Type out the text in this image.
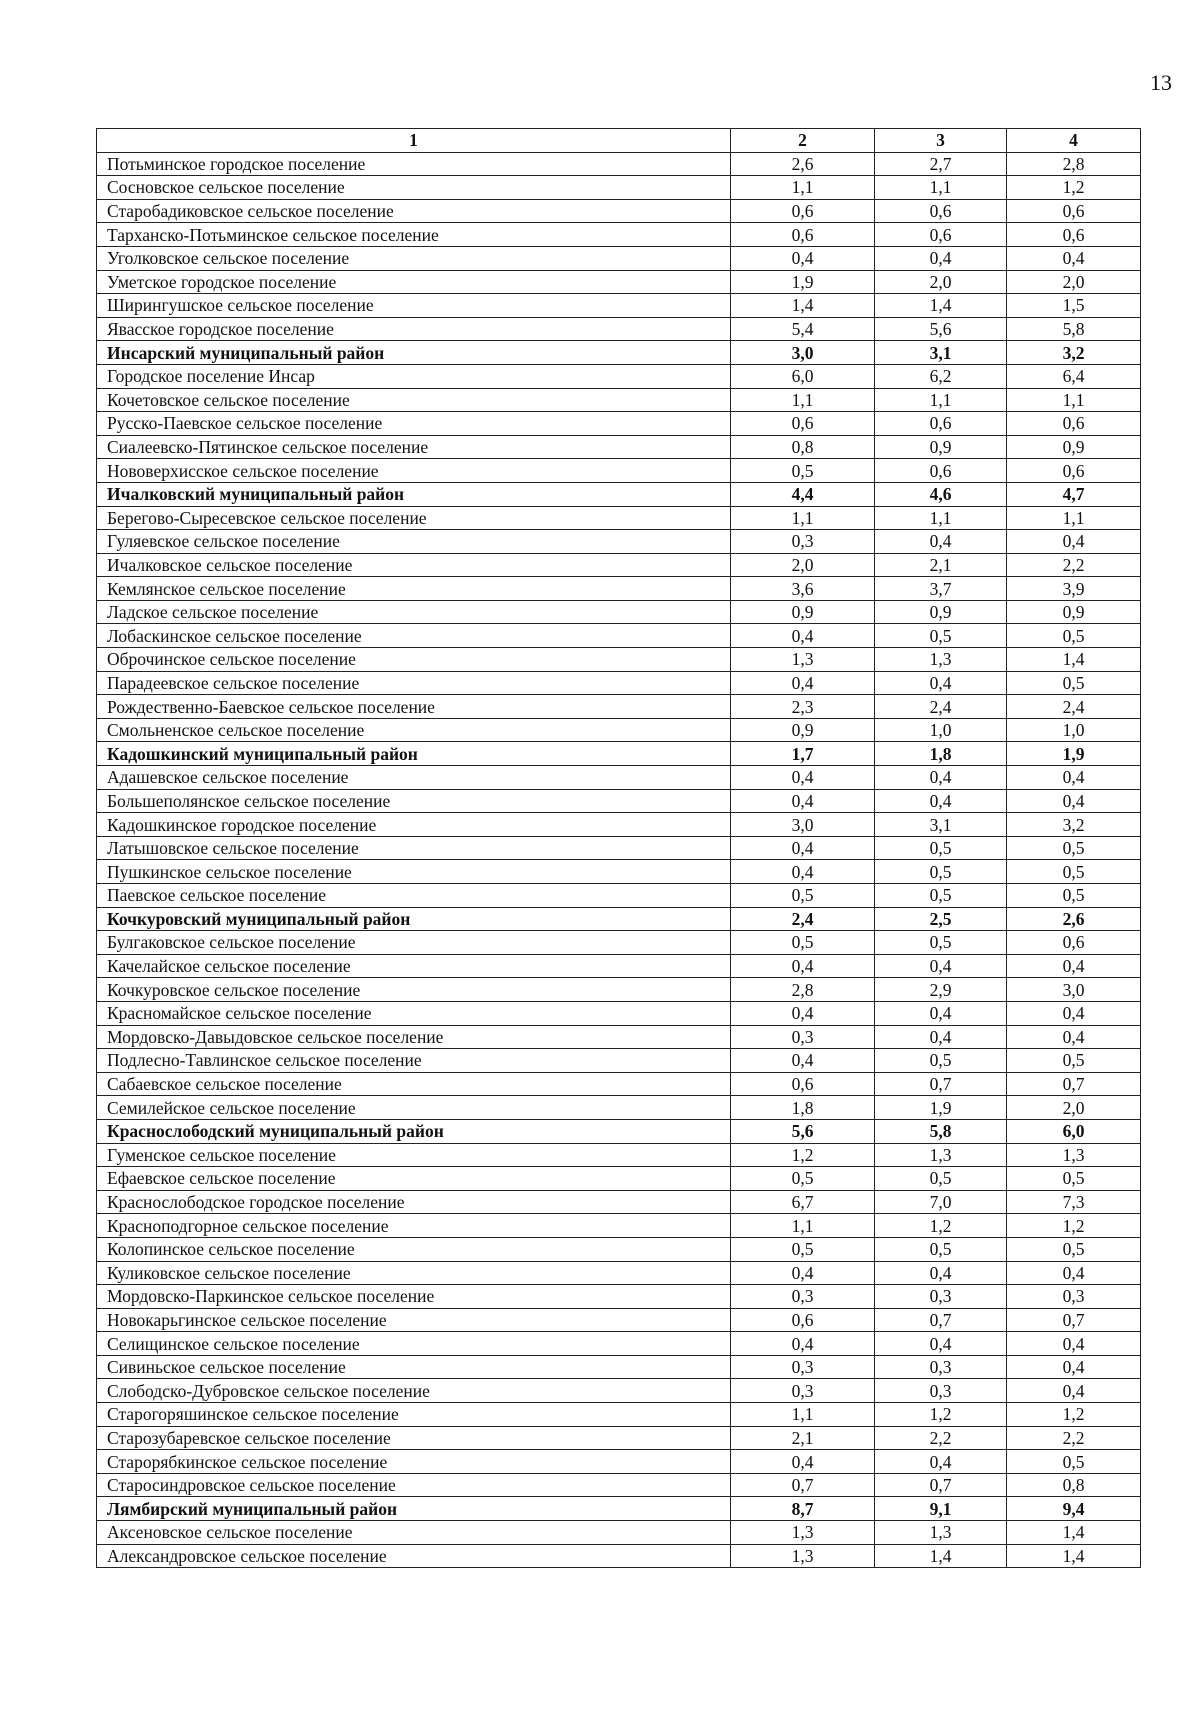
13
1	2	3	4
Потьминское городское поселение	2,6	2,7	2,8
Сосновское сельское поселение	1,1	1,1	1,2
Старобадиковское сельское поселение	0,6	0,6	0,6
Тарханско-Потьминское сельское поселение	0,6	0,6	0,6
Уголковское сельское поселение	0,4	0,4	0,4
Уметское городское поселение	1,9	2,0	2,0
Ширингушское сельское поселение	1,4	1,4	1,5
Явасское городское поселение	5,4	5,6	5,8
Инсарский муниципальный район	3,0	3,1	3,2
Городское поселение Инсар	6,0	6,2	6,4
Кочетовское сельское поселение	1,1	1,1	1,1
Русско-Паевское сельское поселение	0,6	0,6	0,6
Сиалеевско-Пятинское сельское поселение	0,8	0,9	0,9
Нововерхисское сельское поселение	0,5	0,6	0,6
Ичалковский муниципальный район	4,4	4,6	4,7
Берегово-Сыресевское сельское поселение	1,1	1,1	1,1
Гуляевское сельское поселение	0,3	0,4	0,4
Ичалковское сельское поселение	2,0	2,1	2,2
Кемлянское сельское поселение	3,6	3,7	3,9
Ладское сельское поселение	0,9	0,9	0,9
Лобаскинское сельское поселение	0,4	0,5	0,5
Оброчинское сельское поселение	1,3	1,3	1,4
Парадеевское сельское поселение	0,4	0,4	0,5
Рождественно-Баевское сельское поселение	2,3	2,4	2,4
Смольненское сельское поселение	0,9	1,0	1,0
Кадошкинский муниципальный район	1,7	1,8	1,9
Адашевское сельское поселение	0,4	0,4	0,4
Большеполянское сельское поселение	0,4	0,4	0,4
Кадошкинское городское поселение	3,0	3,1	3,2
Латышовское сельское поселение	0,4	0,5	0,5
Пушкинское сельское поселение	0,4	0,5	0,5
Паевское сельское поселение	0,5	0,5	0,5
Кочкуровский муниципальный район	2,4	2,5	2,6
Булгаковское сельское поселение	0,5	0,5	0,6
Качелайское сельское поселение	0,4	0,4	0,4
Кочкуровское сельское поселение	2,8	2,9	3,0
Красномайское сельское поселение	0,4	0,4	0,4
Мордовско-Давыдовское сельское поселение	0,3	0,4	0,4
Подлесно-Тавлинское сельское поселение	0,4	0,5	0,5
Сабаевское сельское поселение	0,6	0,7	0,7
Семилейское сельское поселение	1,8	1,9	2,0
Краснослободский муниципальный район	5,6	5,8	6,0
Гуменское сельское поселение	1,2	1,3	1,3
Ефаевское сельское поселение	0,5	0,5	0,5
Краснослободское городское поселение	6,7	7,0	7,3
Красноподгорное сельское поселение	1,1	1,2	1,2
Колопинское сельское поселение	0,5	0,5	0,5
Куликовское сельское поселение	0,4	0,4	0,4
Мордовско-Паркинское сельское поселение	0,3	0,3	0,3
Новокарьгинское сельское поселение	0,6	0,7	0,7
Селищинское сельское поселение	0,4	0,4	0,4
Сивиньское сельское поселение	0,3	0,3	0,4
Слободско-Дубровское сельское поселение	0,3	0,3	0,4
Старогоряшинское сельское поселение	1,1	1,2	1,2
Старозубаревское сельское поселение	2,1	2,2	2,2
Старорябкинское сельское поселение	0,4	0,4	0,5
Старосиндровское сельское поселение	0,7	0,7	0,8
Лямбирский муниципальный район	8,7	9,1	9,4
Аксеновское сельское поселение	1,3	1,3	1,4
Александровское сельское поселение	1,3	1,4	1,4
